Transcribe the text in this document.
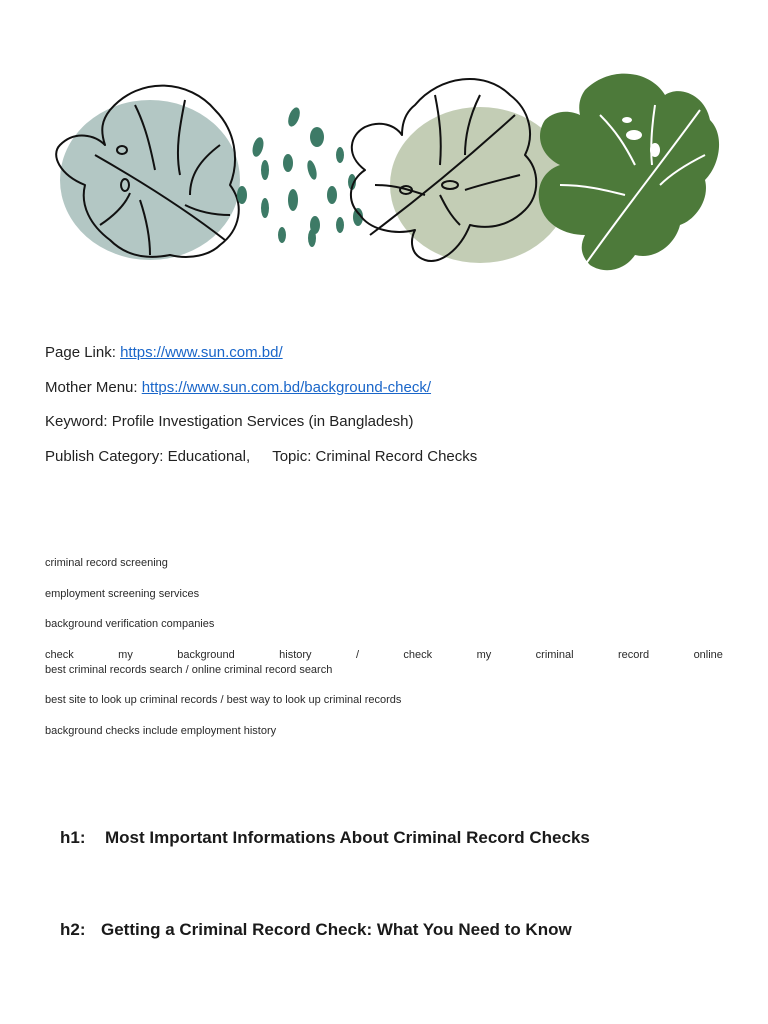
Page Link: https://www.sun.com.bd/
Mother Menu: https://www.sun.com.bd/background-check/
Keyword: Profile Investigation Services (in Bangladesh)
Publish Category: Educational, Topic: Criminal Record Checks
criminal record screening
employment screening services
background verification companies
check	my	background	history	/	check	my	criminal	record	online
best criminal records search / online criminal record search
best site to look up criminal records / best way to look up criminal records
background checks include employment history
h1: Most Important Informations About Criminal Record Checks
h2: Getting a Criminal Record Check: What You Need to Know
